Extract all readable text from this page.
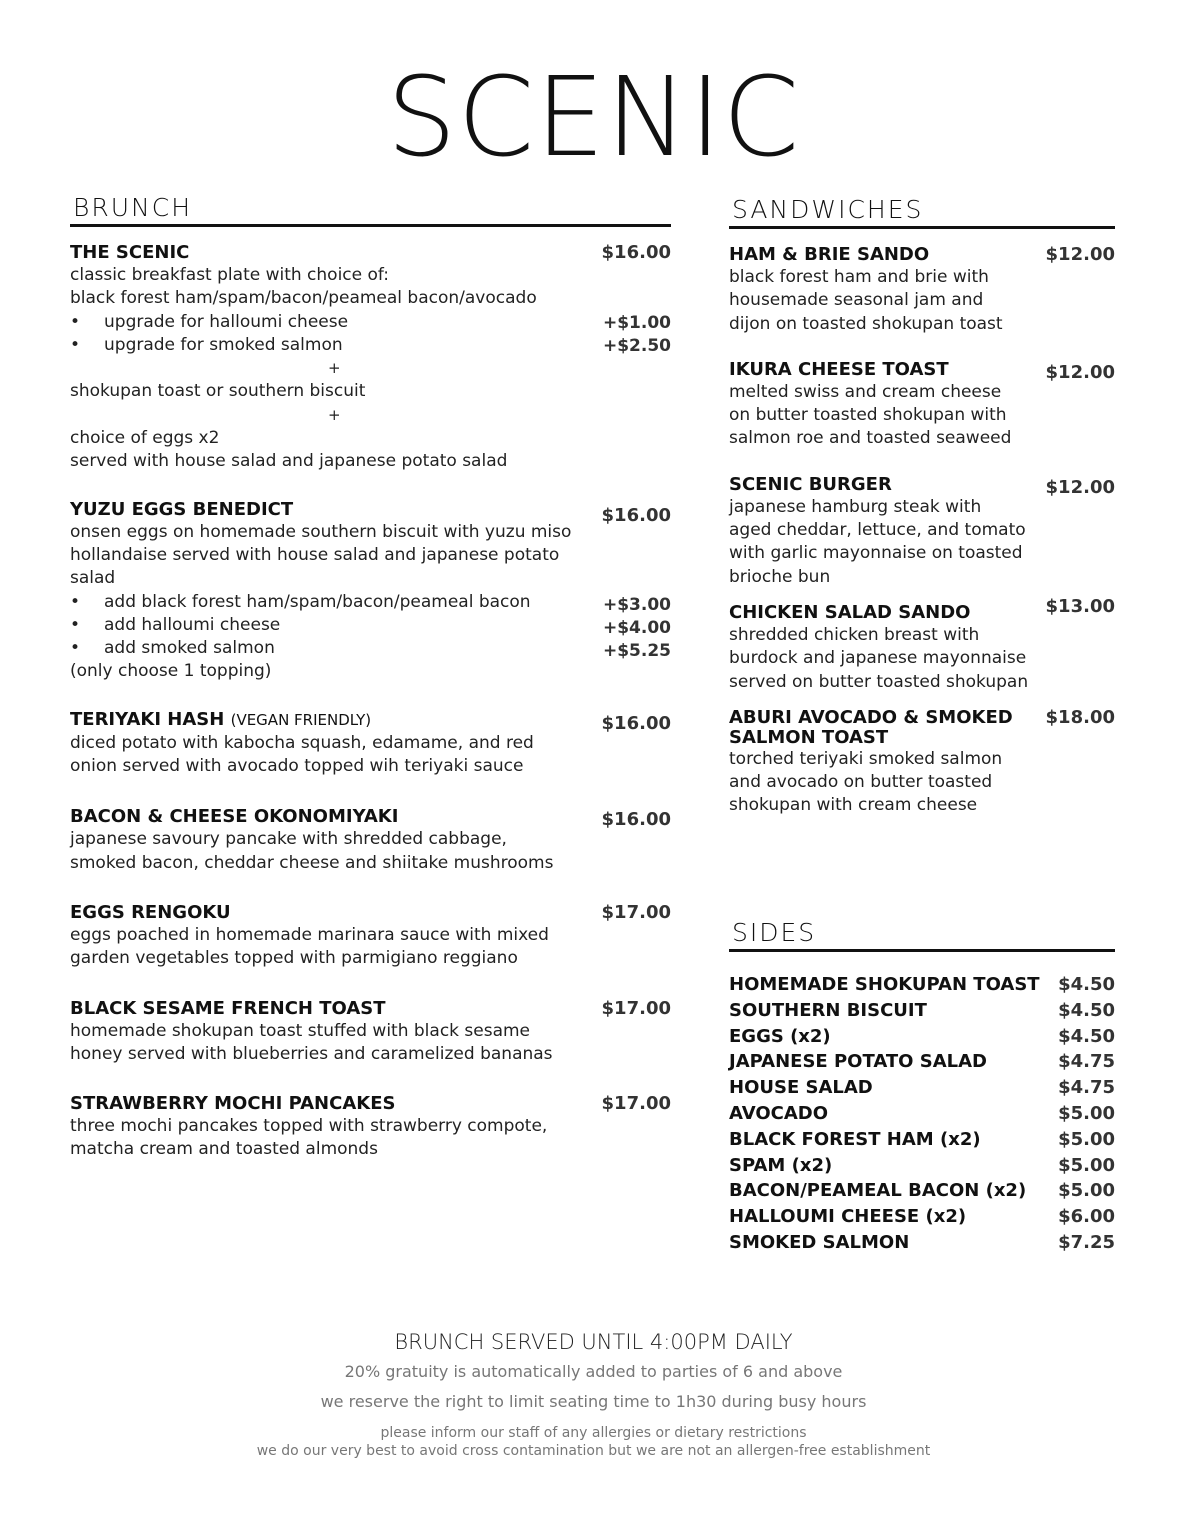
SCENIC
BRUNCH
THE SCENIC	$16.00
classic breakfast plate with choice of:
black forest ham/spam/bacon/peameal bacon/avocado
• upgrade for halloumi cheese	+$1.00
• upgrade for smoked salmon	+$2.50
+
shokupan toast or southern biscuit
+
choice of eggs x2
served with house salad and japanese potato salad
YUZU EGGS BENEDICT	$16.00
onsen eggs on homemade southern biscuit with yuzu miso
hollandaise served with house salad and japanese potato
salad
• add black forest ham/spam/bacon/peameal bacon	+$3.00
• add halloumi cheese	+$4.00
• add smoked salmon	+$5.25
(only choose 1 topping)
TERIYAKI HASH (VEGAN FRIENDLY)	$16.00
diced potato with kabocha squash, edamame, and red
onion served with avocado topped wih teriyaki sauce
BACON & CHEESE OKONOMIYAKI	$16.00
japanese savoury pancake with shredded cabbage,
smoked bacon, cheddar cheese and shiitake mushrooms
EGGS RENGOKU	$17.00
eggs poached in homemade marinara sauce with mixed
garden vegetables topped with parmigiano reggiano
BLACK SESAME FRENCH TOAST	$17.00
homemade shokupan toast stuffed with black sesame
honey served with blueberries and caramelized bananas
STRAWBERRY MOCHI PANCAKES	$17.00
three mochi pancakes topped with strawberry compote,
matcha cream and toasted almonds
SANDWICHES
HAM & BRIE SANDO	$12.00
black forest ham and brie with
housemade seasonal jam and
dijon on toasted shokupan toast
IKURA CHEESE TOAST	$12.00
melted swiss and cream cheese
on butter toasted shokupan with
salmon roe and toasted seaweed
SCENIC BURGER	$12.00
japanese hamburg steak with
aged cheddar, lettuce, and tomato
with garlic mayonnaise on toasted
brioche bun
CHICKEN SALAD SANDO	$13.00
shredded chicken breast with
burdock and japanese mayonnaise
served on butter toasted shokupan
ABURI AVOCADO & SMOKED
SALMON TOAST
$18.00
torched teriyaki smoked salmon
and avocado on butter toasted
shokupan with cream cheese
SIDES
HOMEMADE SHOKUPAN TOAST $4.50
SOUTHERN BISCUIT	$4.50
EGGS (x2)	$4.50
JAPANESE POTATO SALAD	$4.75
HOUSE SALAD	$4.75
AVOCADO	$5.00
BLACK FOREST HAM (x2)	$5.00
SPAM (x2)	$5.00
BACON/PEAMEAL BACON (x2) $5.00
HALLOUMI CHEESE (x2)	$6.00
SMOKED SALMON	$7.25
BRUNCH SERVED UNTIL 4:00PM DAILY
20% gratuity is automatically added to parties of 6 and above
we reserve the right to limit seating time to 1h30 during busy hours
please inform our staff of any allergies or dietary restrictions
we do our very best to avoid cross contamination but we are not an allergen-free establishment
